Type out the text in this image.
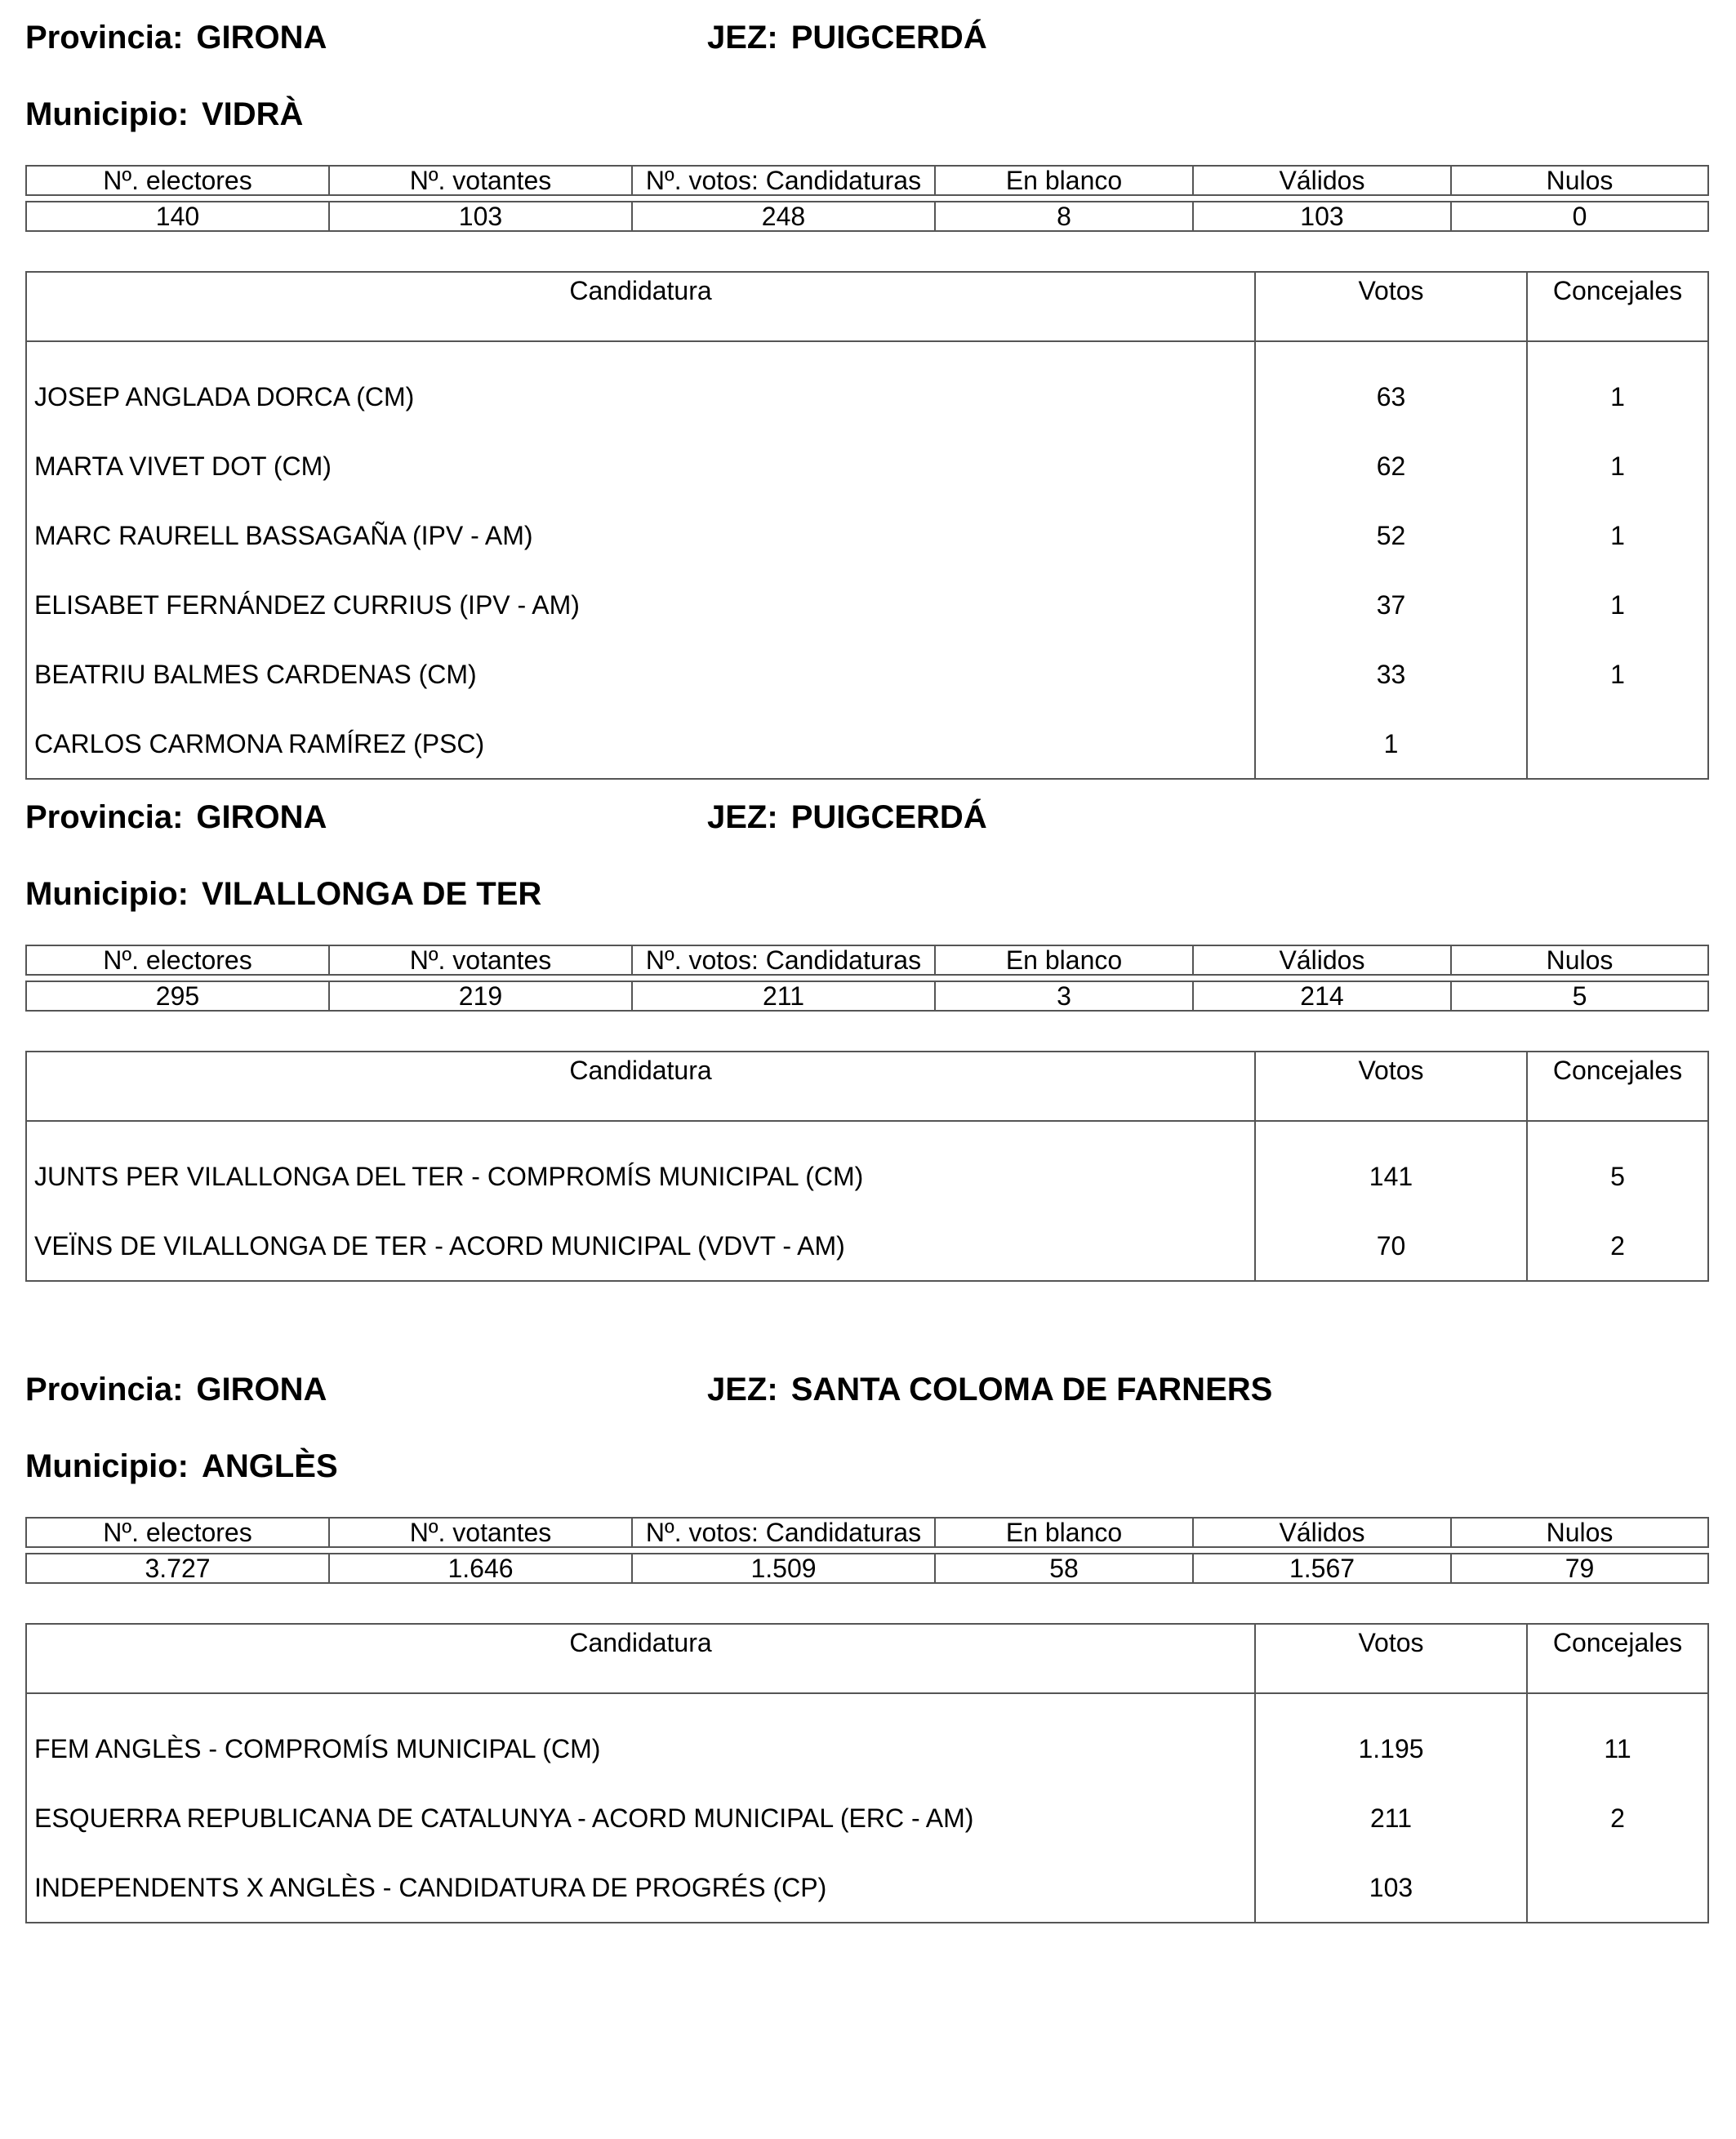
Provincia: GIRONA	JEZ: PUIGCERDÁ
Municipio: VIDRÀ
Nº. electores	Nº. votantes	Nº. votos: Candidaturas	En blanco	Válidos	Nulos

140	103	248	8	103	0
Candidatura	Votos	Concejales
JOSEP ANGLADA DORCA (CM)	63	1
MARTA VIVET DOT (CM)	62	1
MARC RAURELL BASSAGAÑA (IPV - AM)	52	1
ELISABET FERNÁNDEZ CURRIUS (IPV - AM)	37	1
BEATRIU BALMES CARDENAS (CM)	33	1
CARLOS CARMONA RAMÍREZ (PSC)	1	
Provincia: GIRONA	JEZ: PUIGCERDÁ
Municipio: VILALLONGA DE TER
Nº. electores	Nº. votantes	Nº. votos: Candidaturas	En blanco	Válidos	Nulos

295	219	211	3	214	5
Candidatura	Votos	Concejales
JUNTS PER VILALLONGA DEL TER - COMPROMÍS MUNICIPAL (CM)	141	5
VEÏNS DE VILALLONGA DE TER - ACORD MUNICIPAL (VDVT - AM)	70	2
Provincia: GIRONA	JEZ: SANTA COLOMA DE FARNERS
Municipio: ANGLÈS
Nº. electores	Nº. votantes	Nº. votos: Candidaturas	En blanco	Válidos	Nulos

3.727	1.646	1.509	58	1.567	79
Candidatura	Votos	Concejales
FEM ANGLÈS - COMPROMÍS MUNICIPAL (CM)	1.195	11
ESQUERRA REPUBLICANA DE CATALUNYA - ACORD MUNICIPAL (ERC - AM)	211	2
INDEPENDENTS X ANGLÈS - CANDIDATURA DE PROGRÉS (CP)	103	
